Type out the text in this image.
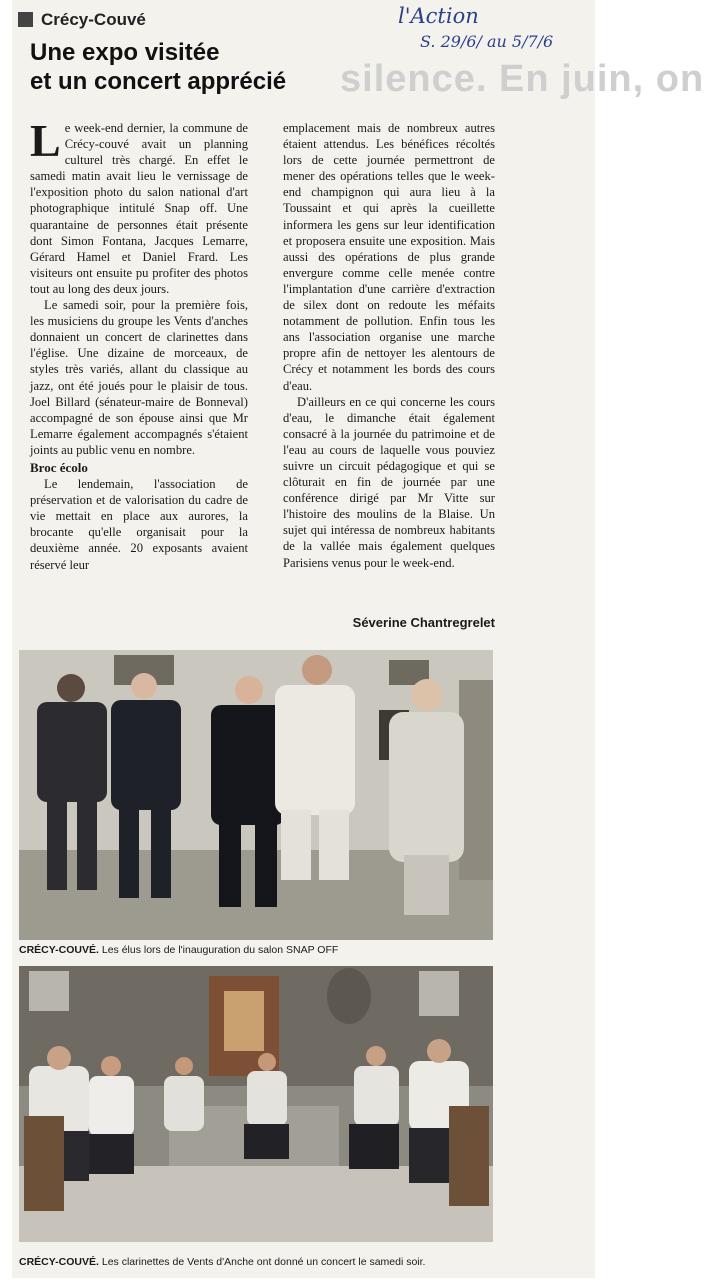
silence. En juin, on
Crécy-Couvé
Une expo visitée
et un concert apprécié
l'Action
S. 29/6/ au 5/7/6

Le week-end dernier, la commune de Crécy-couvé avait un planning culturel très chargé. En effet le samedi matin avait lieu le vernissage de l'exposition photo du salon national d'art photographique intitulé Snap off. Une quarantaine de personnes était présente dont Simon Fontana, Jacques Lemarre, Gérard Hamel et Daniel Frard. Les visiteurs ont ensuite pu profiter des photos tout au long des deux jours.

Le samedi soir, pour la première fois, les musiciens du groupe les Vents d'anches donnaient un concert de clarinettes dans l'église. Une dizaine de morceaux, de styles très variés, allant du classique au jazz, ont été joués pour le plaisir de tous. Joel Billard (sénateur-maire de Bonneval) accompagné de son épouse ainsi que Mr Lemarre également accompagnés s'étaient joints au public venu en nombre.

Broc écolo

Le lendemain, l'association de préservation et de valorisation du cadre de vie mettait en place aux aurores, la brocante qu'elle organisait pour la deuxième année. 20 exposants avaient réservé leur

emplacement mais de nombreux autres étaient attendus. Les bénéfices récoltés lors de cette journée permettront de mener des opérations telles que le week-end champignon qui aura lieu à la Toussaint et qui après la cueillette informera les gens sur leur identification et proposera ensuite une exposition. Mais aussi des opérations de plus grande envergure comme celle menée contre l'implantation d'une carrière d'extraction de silex dont on redoute les méfaits notamment de pollution. Enfin tous les ans l'association organise une marche propre afin de nettoyer les alentours de Crécy et notamment les bords des cours d'eau.

D'ailleurs en ce qui concerne les cours d'eau, le dimanche était également consacré à la journée du patrimoine et de l'eau au cours de laquelle vous pouviez suivre un circuit pédagogique et qui se clôturait en fin de journée par une conférence dirigé par Mr Vitte sur l'histoire des moulins de la Blaise. Un sujet qui intéressa de nombreux habitants de la vallée mais également quelques Parisiens venus pour le week-end.

Séverine Chantregrelet
CRÉCY-COUVÉ. Les élus lors de l'inauguration du salon SNAP OFF
CRÉCY-COUVÉ. Les clarinettes de Vents d'Anche ont donné un concert le samedi soir.
